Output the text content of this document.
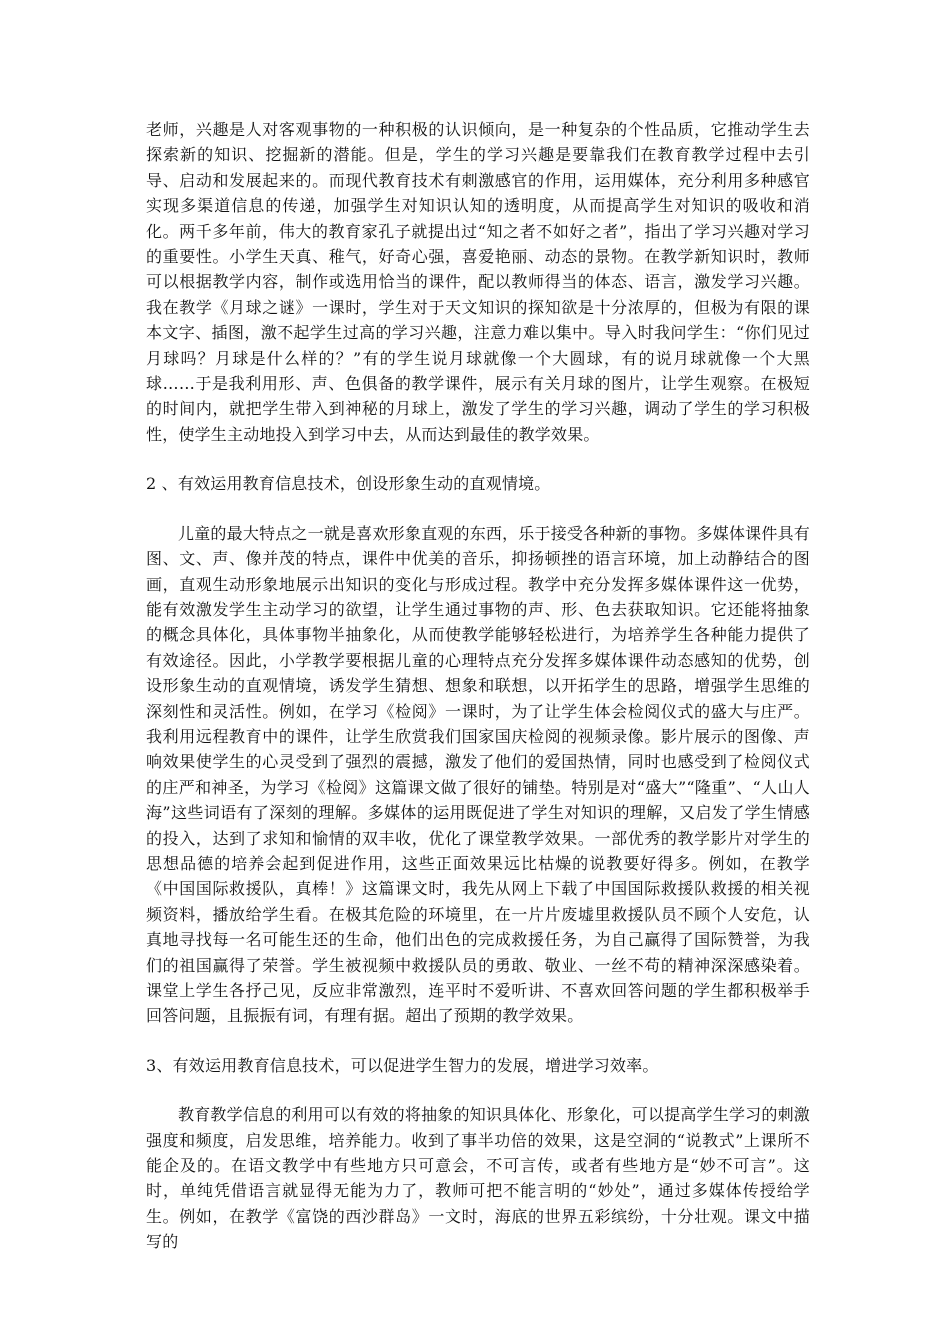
老师，兴趣是人对客观事物的一种积极的认识倾向，是一种复杂的个性品质，它推动学生去探索新的知识、挖掘新的潜能。但是，学生的学习兴趣是要靠我们在教育教学过程中去引导、启动和发展起来的。而现代教育技术有刺激感官的作用，运用媒体，充分利用多种感官实现多渠道信息的传递，加强学生对知识认知的透明度，从而提高学生对知识的吸收和消化。两千多年前，伟大的教育家孔子就提出过“知之者不如好之者”，指出了学习兴趣对学习的重要性。小学生天真、稚气，好奇心强，喜爱艳丽、动态的景物。在教学新知识时，教师可以根据教学内容，制作或选用恰当的课件，配以教师得当的体态、语言，激发学习兴趣。我在教学《月球之谜》一课时，学生对于天文知识的探知欲是十分浓厚的，但极为有限的课本文字、插图，激不起学生过高的学习兴趣，注意力难以集中。导入时我问学生：“你们见过月球吗？月球是什么样的？”有的学生说月球就像一个大圆球，有的说月球就像一个大黑球……于是我利用形、声、色俱备的教学课件，展示有关月球的图片，让学生观察。在极短的时间内，就把学生带入到神秘的月球上，激发了学生的学习兴趣，调动了学生的学习积极性，使学生主动地投入到学习中去，从而达到最佳的教学效果。

2 、有效运用教育信息技术，创设形象生动的直观情境。

儿童的最大特点之一就是喜欢形象直观的东西，乐于接受各种新的事物。多媒体课件具有图、文、声、像并茂的特点，课件中优美的音乐，抑扬顿挫的语言环境，加上动静结合的图画，直观生动形象地展示出知识的变化与形成过程。教学中充分发挥多媒体课件这一优势，能有效激发学生主动学习的欲望，让学生通过事物的声、形、色去获取知识。它还能将抽象的概念具体化，具体事物半抽象化，从而使教学能够轻松进行，为培养学生各种能力提供了有效途径。因此，小学教学要根据儿童的心理特点充分发挥多媒体课件动态感知的优势，创设形象生动的直观情境，诱发学生猜想、想象和联想，以开拓学生的思路，增强学生思维的深刻性和灵活性。例如，在学习《检阅》一课时，为了让学生体会检阅仪式的盛大与庄严。我利用远程教育中的课件，让学生欣赏我们国家国庆检阅的视频录像。影片展示的图像、声响效果使学生的心灵受到了强烈的震撼，激发了他们的爱国热情，同时也感受到了检阅仪式的庄严和神圣，为学习《检阅》这篇课文做了很好的铺垫。特别是对“盛大”“隆重”、“人山人海”这些词语有了深刻的理解。多媒体的运用既促进了学生对知识的理解，又启发了学生情感的投入，达到了求知和愉情的双丰收，优化了课堂教学效果。一部优秀的教学影片对学生的思想品德的培养会起到促进作用，这些正面效果远比枯燥的说教要好得多。例如，在教学《中国国际救援队，真棒！》这篇课文时，我先从网上下载了中国国际救援队救援的相关视频资料，播放给学生看。在极其危险的环境里，在一片片废墟里救援队员不顾个人安危，认真地寻找每一名可能生还的生命，他们出色的完成救援任务，为自己赢得了国际赞誉，为我们的祖国赢得了荣誉。学生被视频中救援队员的勇敢、敬业、一丝不苟的精神深深感染着。课堂上学生各抒己见，反应非常激烈，连平时不爱听讲、不喜欢回答问题的学生都积极举手回答问题，且振振有词，有理有据。超出了预期的教学效果。

3、有效运用教育信息技术，可以促进学生智力的发展，增进学习效率。

教育教学信息的利用可以有效的将抽象的知识具体化、形象化，可以提高学生学习的刺激强度和频度，启发思维，培养能力。收到了事半功倍的效果，这是空洞的“说教式”上课所不能企及的。在语文教学中有些地方只可意会，不可言传，或者有些地方是“妙不可言”。这时，单纯凭借语言就显得无能为力了，教师可把不能言明的“妙处”，通过多媒体传授给学生。例如，在教学《富饶的西沙群岛》一文时，海底的世界五彩缤纷，十分壮观。课文中描写的
